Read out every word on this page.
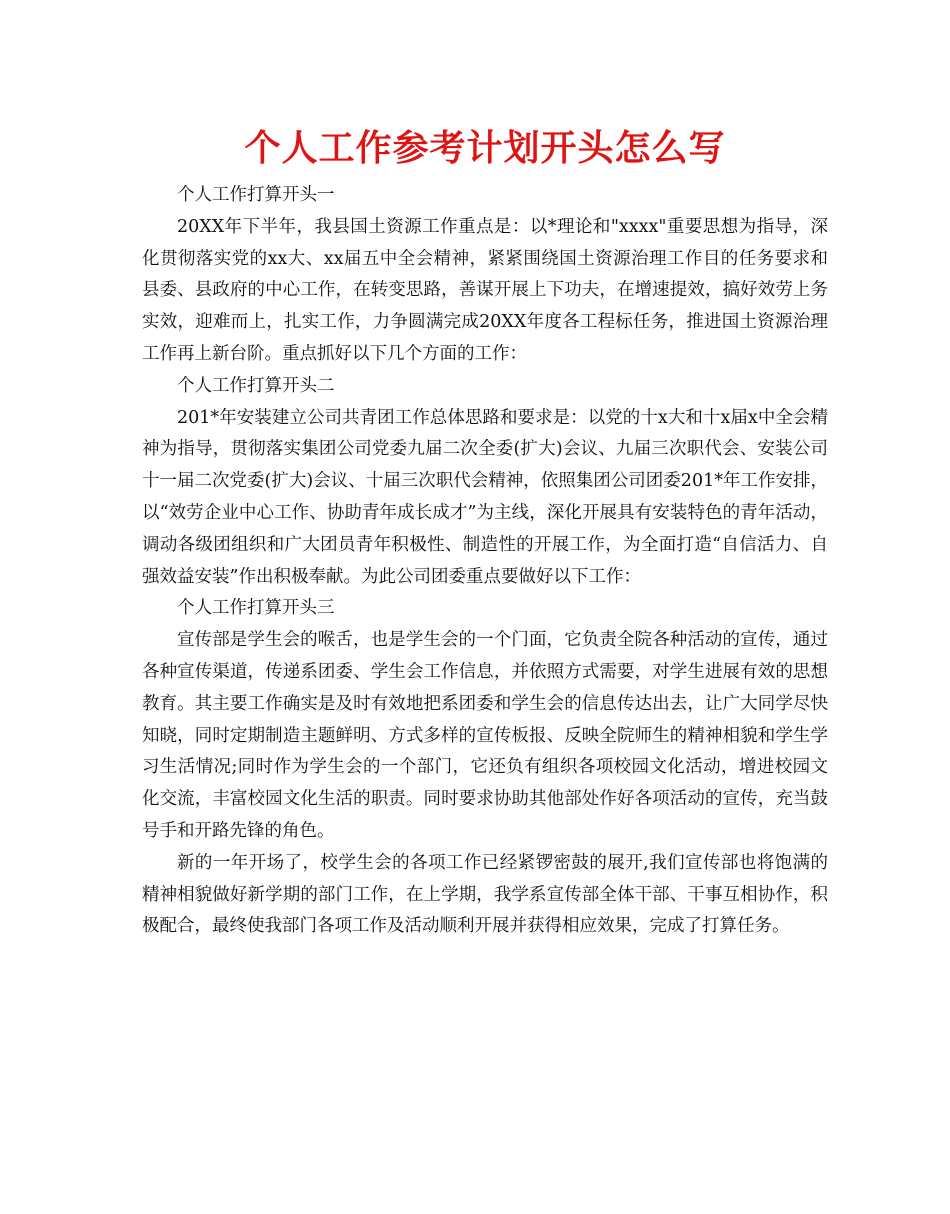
个人工作参考计划开头怎么写

个人工作打算开头一

20XX年下半年，我县国土资源工作重点是：以*理论和"xxxx"重要思想为指导，深化贯彻落实党的xx大、xx届五中全会精神，紧紧围绕国土资源治理工作目的任务要求和县委、县政府的中心工作，在转变思路，善谋开展上下功夫，在增速提效，搞好效劳上务实效，迎难而上，扎实工作，力争圆满完成20XX年度各工程标任务，推进国土资源治理工作再上新台阶。重点抓好以下几个方面的工作：

个人工作打算开头二

201*年安装建立公司共青团工作总体思路和要求是：以党的十x大和十x届x中全会精神为指导，贯彻落实集团公司党委九届二次全委(扩大)会议、九届三次职代会、安装公司十一届二次党委(扩大)会议、十届三次职代会精神，依照集团公司团委201*年工作安排，以“效劳企业中心工作、协助青年成长成才”为主线，深化开展具有安装特色的青年活动，调动各级团组织和广大团员青年积极性、制造性的开展工作，为全面打造“自信活力、自强效益安装”作出积极奉献。为此公司团委重点要做好以下工作：

个人工作打算开头三

宣传部是学生会的喉舌，也是学生会的一个门面，它负责全院各种活动的宣传，通过各种宣传渠道，传递系团委、学生会工作信息，并依照方式需要，对学生进展有效的思想教育。其主要工作确实是及时有效地把系团委和学生会的信息传达出去，让广大同学尽快知晓，同时定期制造主题鲜明、方式多样的宣传板报、反映全院师生的精神相貌和学生学习生活情况;同时作为学生会的一个部门，它还负有组织各项校园文化活动，增进校园文化交流，丰富校园文化生活的职责。同时要求协助其他部处作好各项活动的宣传，充当鼓号手和开路先锋的角色。

新的一年开场了，校学生会的各项工作已经紧锣密鼓的展开,我们宣传部也将饱满的精神相貌做好新学期的部门工作，在上学期，我学系宣传部全体干部、干事互相协作，积极配合，最终使我部门各项工作及活动顺利开展并获得相应效果，完成了打算任务。
